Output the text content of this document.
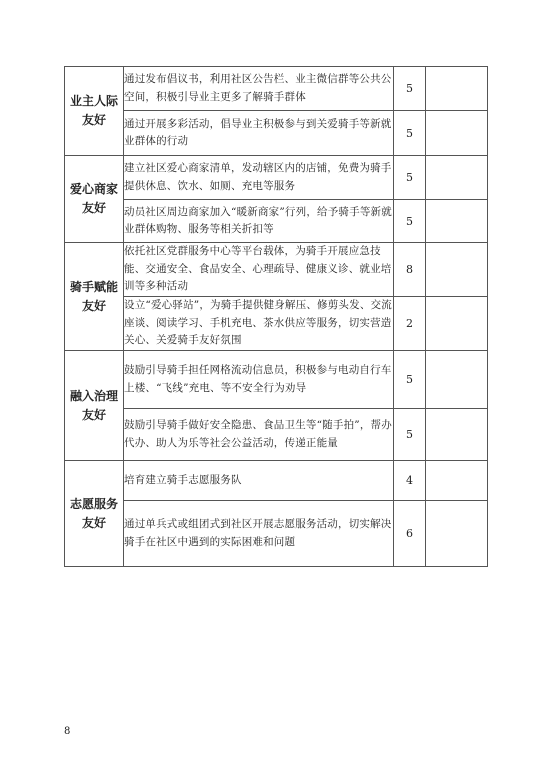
业主人际
友好	通过发布倡议书，利用社区公告栏、业主微信群等公共公空间，积极引导业主更多了解骑手群体	5	
	通过开展多彩活动，倡导业主积极参与到关爱骑手等新就业群体的行动	5	
爱心商家
友好	建立社区爱心商家清单，发动辖区内的店铺，免费为骑手提供休息、饮水、如厕、充电等服务	5	
	动员社区周边商家加入“暖新商家”行列，给予骑手等新就业群体购物、服务等相关折扣等	5	
骑手赋能
友好	依托社区党群服务中心等平台载体，为骑手开展应急技能、交通安全、食品安全、心理疏导、健康义诊、就业培训等多种活动	8	
	设立“爱心驿站”，为骑手提供健身解压、修剪头发、交流座谈、阅读学习、手机充电、茶水供应等服务，切实营造关心、关爱骑手友好氛围	2	
融入治理
友好	鼓励引导骑手担任网格流动信息员，积极参与电动自行车上楼、“飞线”充电、等不安全行为劝导	5	
	鼓励引导骑手做好安全隐患、食品卫生等“随手拍”，帮办代办、助人为乐等社会公益活动，传递正能量	5	
志愿服务
友好	培育建立骑手志愿服务队	4	
	通过单兵式或组团式到社区开展志愿服务活动，切实解决骑手在社区中遇到的实际困难和问题	6	
8
